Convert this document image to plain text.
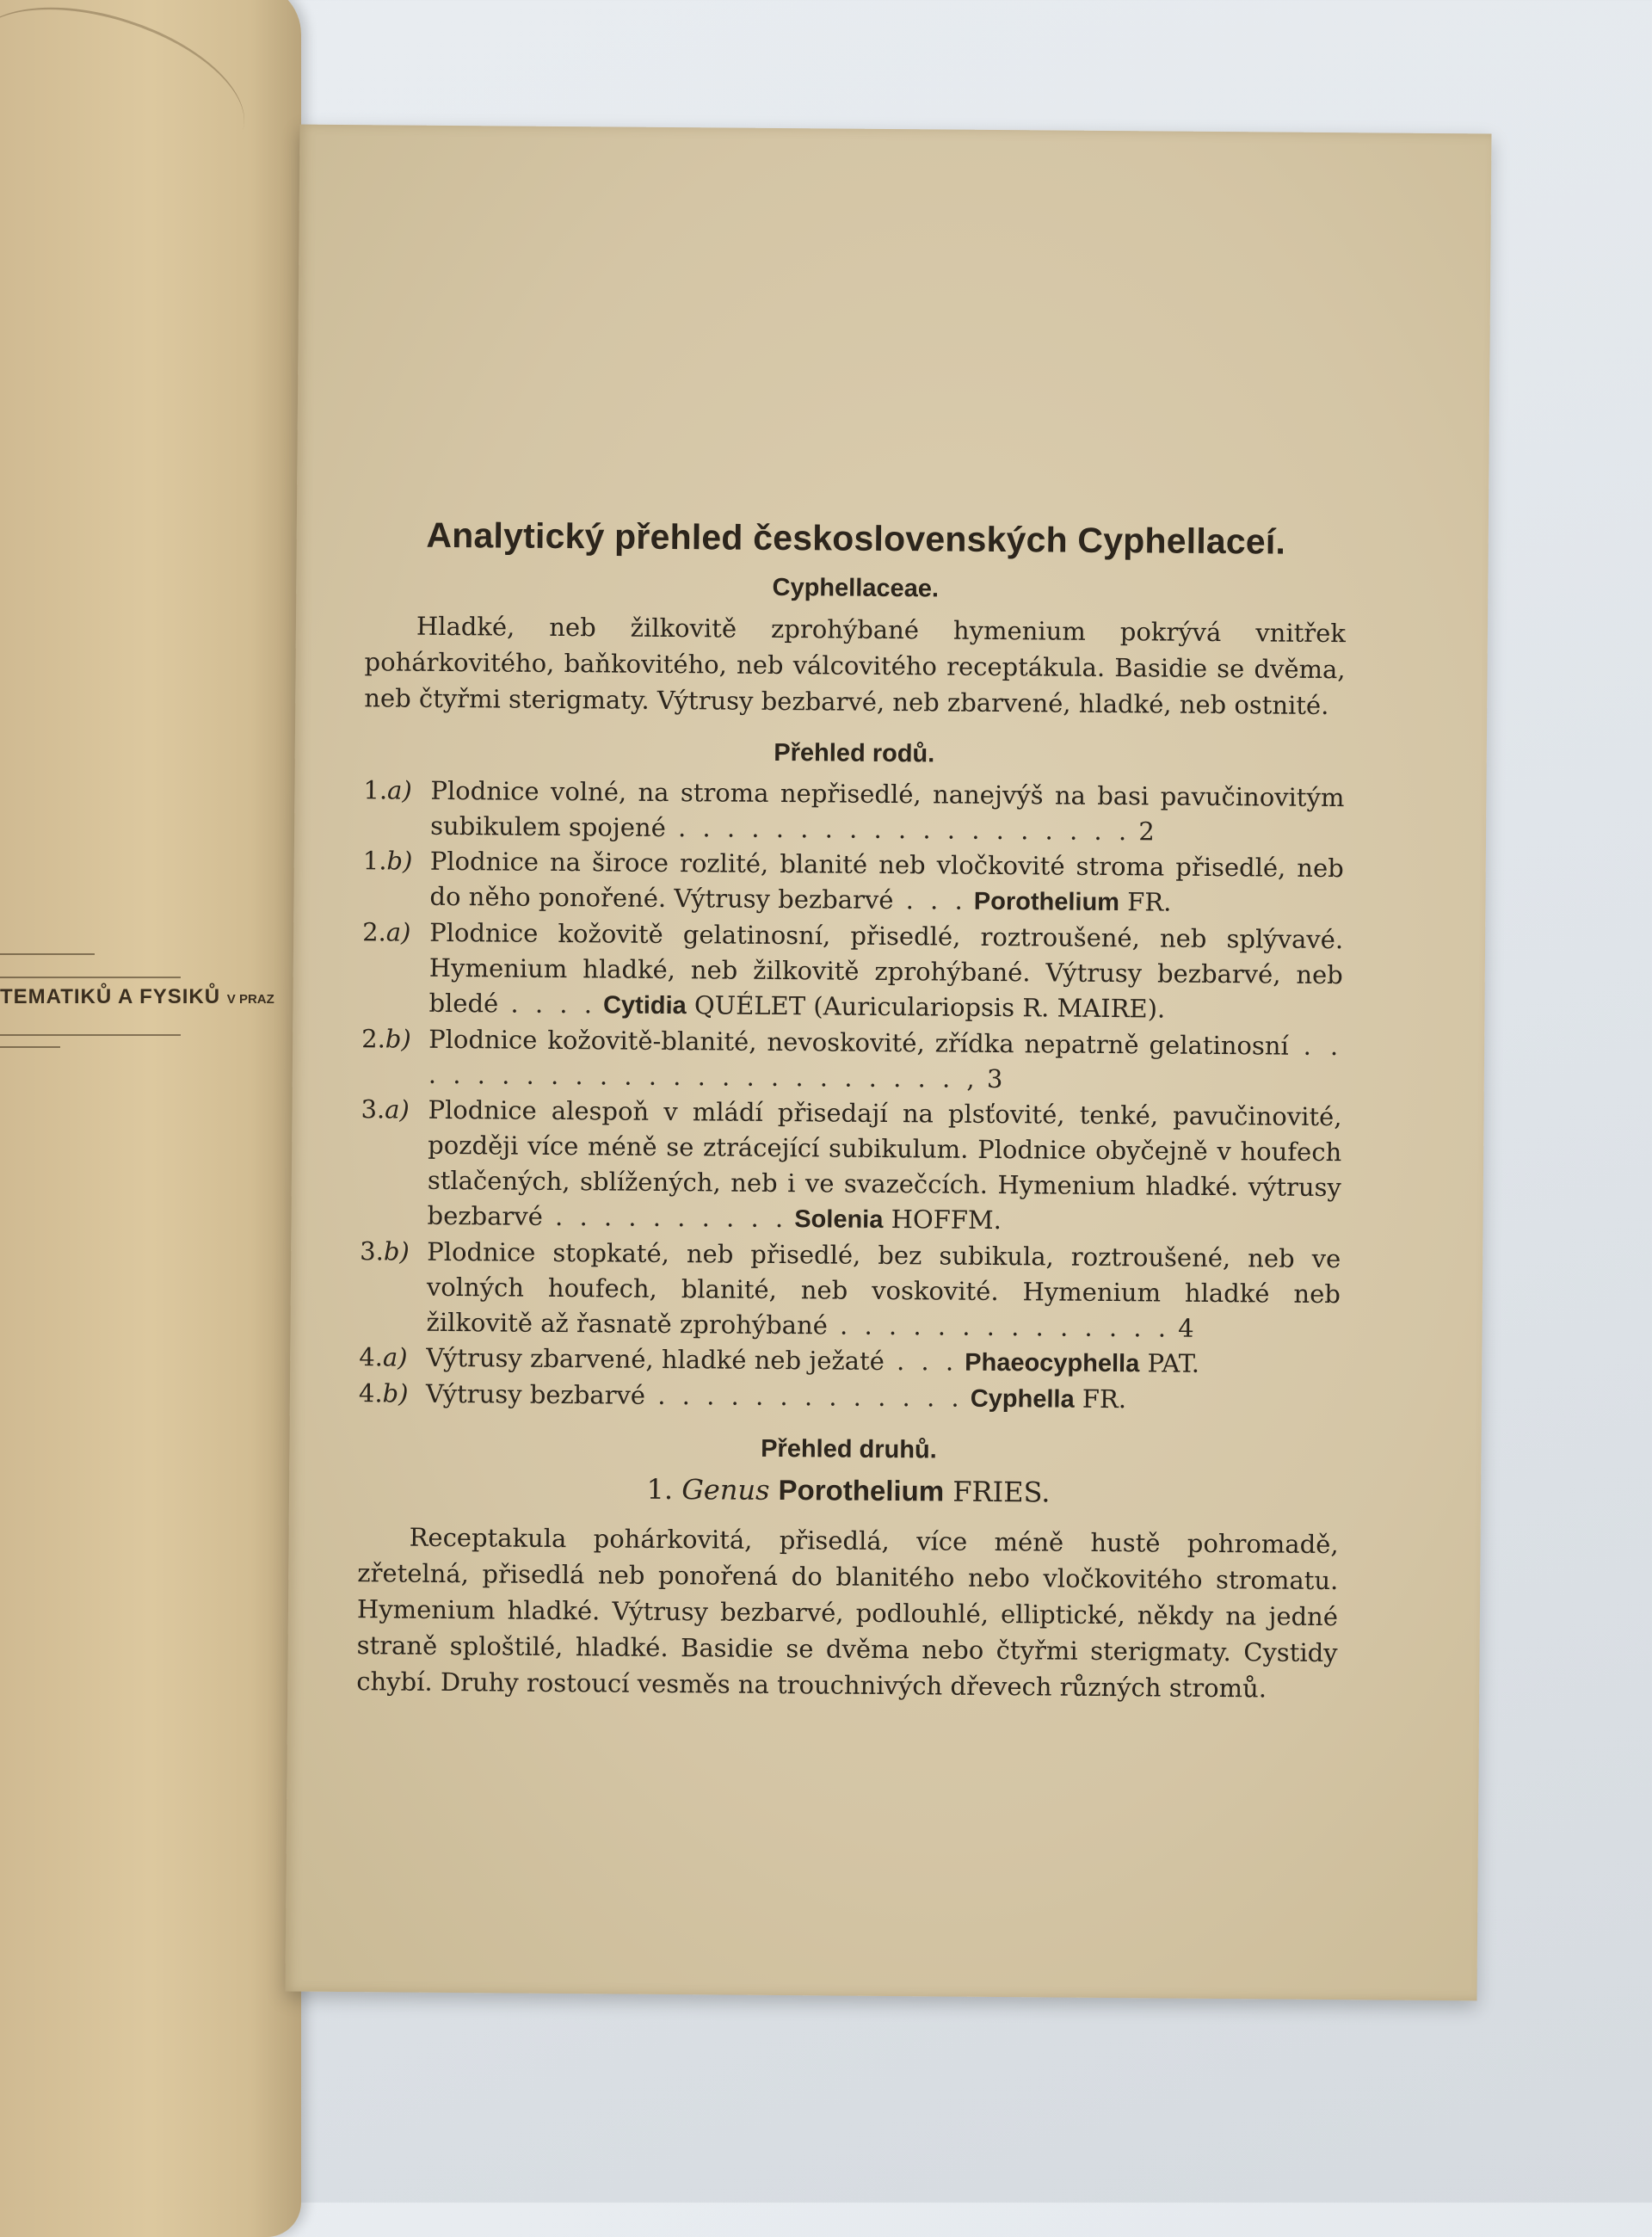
TEMATIKŮ A FYSIKŮ V PRAZ
Analytický přehled československých Cyphellaceí.
Cyphellaceae.

Hladké, neb žilkovitě zprohýbané hymenium pokrývá vnitřek pohárkovitého, baňkovitého, neb válcovitého receptákula. Basidie se dvěma, neb čtyřmi sterigmaty. Výtrusy bezbarvé, neb zbarvené, hladké, neb ostnité.

Přehled rodů.
1.a) Plodnice volné, na stroma nepřisedlé, nanejvýš na basi pavučinovitým subikulem spojené . . . . . . . . . . . . . . . . . . . 2
1.b) Plodnice na široce rozlité, blanité neb vločkovité stroma přisedlé, neb do něho ponořené. Výtrusy bezbarvé . . . Porothelium FR.
2.a) Plodnice kožovitě gelatinosní, přisedlé, roztroušené, neb splývavé. Hymenium hladké, neb žilkovitě zprohýbané. Výtrusy bezbarvé, neb bledé . . . . Cytidia QUÉLET (Auriculariopsis R. MAIRE).
2.b) Plodnice kožovitě-blanité, nevoskovité, zřídka nepatrně gelatinosní . . . . . . . . . . . . . . . . . . . . . . . . , 3
3.a) Plodnice alespoň v mládí přisedají na plsťovité, tenké, pavučinovité, později více méně se ztrácející subikulum. Plodnice obyčejně v houfech stlačených, sblížených, neb i ve svazečcích. Hymenium hladké. výtrusy bezbarvé . . . . . . . . . . Solenia HOFFM.
3.b) Plodnice stopkaté, neb přisedlé, bez subikula, roztroušené, neb ve volných houfech, blanité, neb voskovité. Hymenium hladké neb žilkovitě až řasnatě zprohýbané . . . . . . . . . . . . . . 4
4.a) Výtrusy zbarvené, hladké neb ježaté . . . Phaeocyphella PAT.
4.b) Výtrusy bezbarvé . . . . . . . . . . . . . Cyphella FR.
Přehled druhů.
1. Genus Porothelium FRIES.

Receptakula pohárkovitá, přisedlá, více méně hustě pohromadě, zřetelná, přisedlá neb ponořená do blanitého nebo vločkovitého stromatu. Hymenium hladké. Výtrusy bezbarvé, podlouhlé, elliptické, někdy na jedné straně sploštilé, hladké. Basidie se dvěma nebo čtyřmi sterigmaty. Cystidy chybí. Druhy rostoucí vesměs na trouchnivých dřevech různých stromů.
